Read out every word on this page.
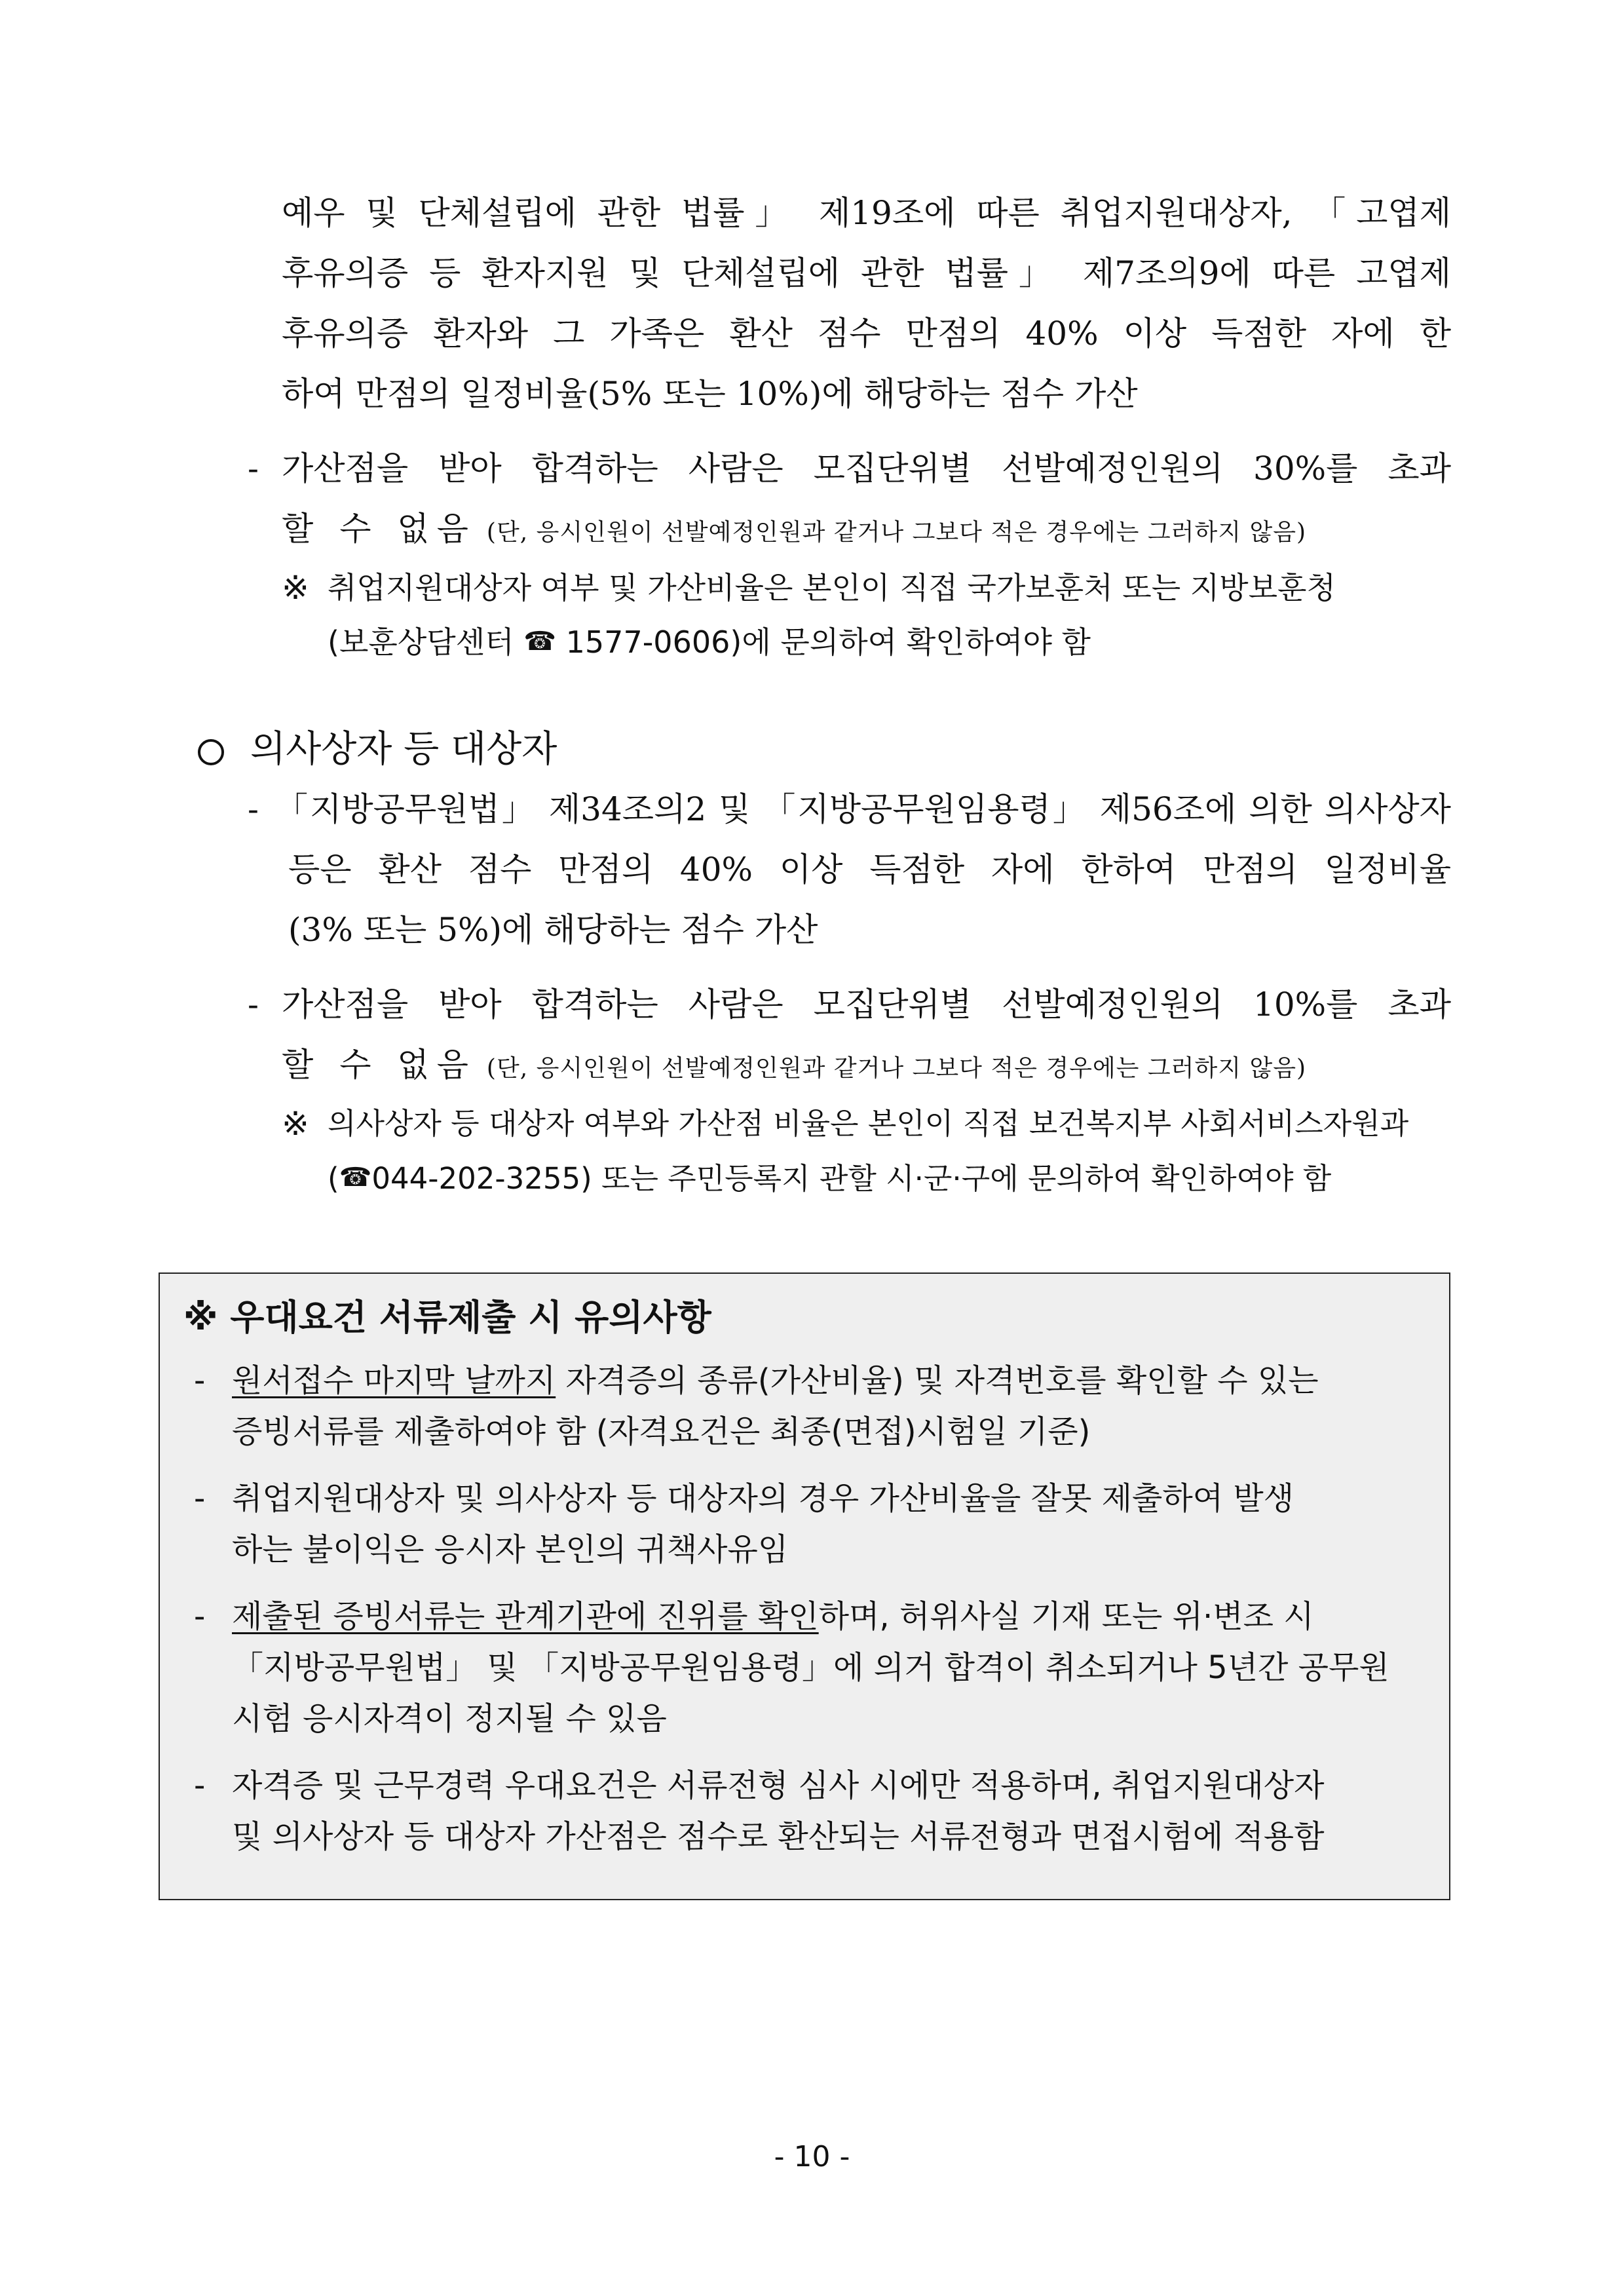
예우 및 단체설립에 관한 법률」 제19조에 따른 취업지원대상자, 「고엽제
후유의증 등 환자지원 및 단체설립에 관한 법률」 제7조의9에 따른 고엽제
후유의증 환자와 그 가족은 환산 점수 만점의 40% 이상 득점한 자에 한
하여 만점의 일정비율(5% 또는 10%)에 해당하는 점수 가산
- 가산점을 받아 합격하는 사람은 모집단위별 선발예정인원의 30%를 초과
할 수 없음 (단, 응시인원이 선발예정인원과 같거나 그보다 적은 경우에는 그러하지 않음)
※ 취업지원대상자 여부 및 가산비율은 본인이 직접 국가보훈처 또는 지방보훈청
(보훈상담센터 ☎ 1577-0606)에 문의하여 확인하여야 함
의사상자 등 대상자
- 「지방공무원법」 제34조의2 및 「지방공무원임용령」 제56조에 의한 의사상자
등은 환산 점수 만점의 40% 이상 득점한 자에 한하여 만점의 일정비율
(3% 또는 5%)에 해당하는 점수 가산
- 가산점을 받아 합격하는 사람은 모집단위별 선발예정인원의 10%를 초과
할 수 없음 (단, 응시인원이 선발예정인원과 같거나 그보다 적은 경우에는 그러하지 않음)
※ 의사상자 등 대상자 여부와 가산점 비율은 본인이 직접 보건복지부 사회서비스자원과
(☎044-202-3255) 또는 주민등록지 관할 시·군·구에 문의하여 확인하여야 함
※ 우대요건 서류제출 시 유의사항
- 원서접수 마지막 날까지 자격증의 종류(가산비율) 및 자격번호를 확인할 수 있는
증빙서류를 제출하여야 함 (자격요건은 최종(면접)시험일 기준)
- 취업지원대상자 및 의사상자 등 대상자의 경우 가산비율을 잘못 제출하여 발생
하는 불이익은 응시자 본인의 귀책사유임
- 제출된 증빙서류는 관계기관에 진위를 확인하며, 허위사실 기재 또는 위·변조 시
「지방공무원법」 및 「지방공무원임용령」에 의거 합격이 취소되거나 5년간 공무원
시험 응시자격이 정지될 수 있음
- 자격증 및 근무경력 우대요건은 서류전형 심사 시에만 적용하며, 취업지원대상자
및 의사상자 등 대상자 가산점은 점수로 환산되는 서류전형과 면접시험에 적용함
- 10 -
